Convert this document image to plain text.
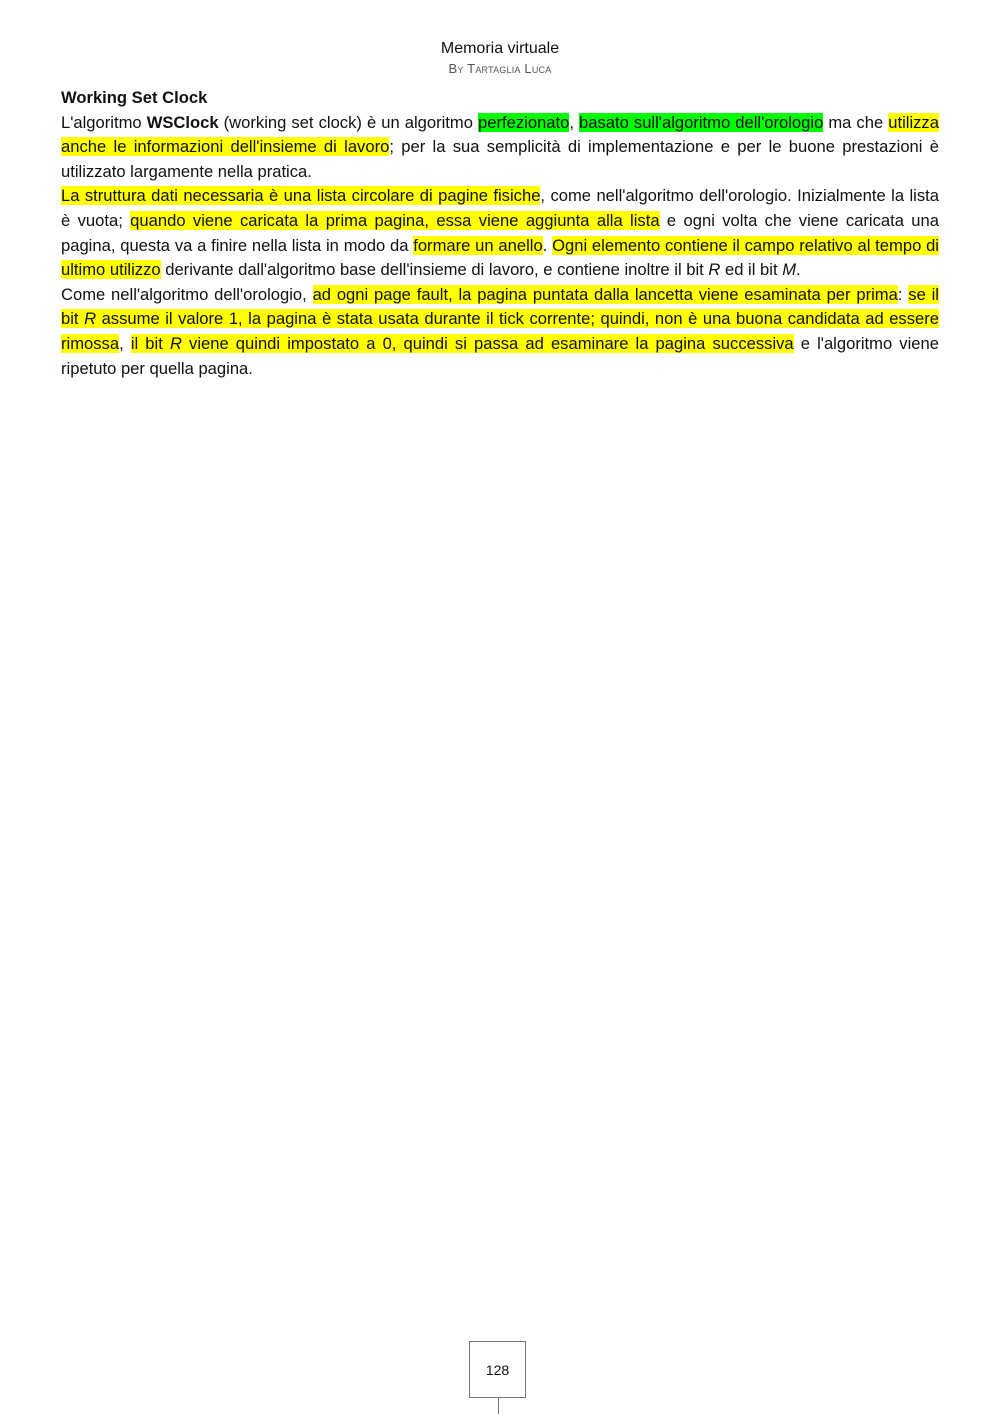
Memoria virtuale
By Tartaglia Luca

Working Set Clock

L'algoritmo WSClock (working set clock) è un algoritmo perfezionato, basato sull'algoritmo dell'orologio ma che utilizza anche le informazioni dell'insieme di lavoro; per la sua semplicità di implementazione e per le buone prestazioni è utilizzato largamente nella pratica.

La struttura dati necessaria è una lista circolare di pagine fisiche, come nell'algoritmo dell'orologio. Inizialmente la lista è vuota; quando viene caricata la prima pagina, essa viene aggiunta alla lista e ogni volta che viene caricata una pagina, questa va a finire nella lista in modo da formare un anello. Ogni elemento contiene il campo relativo al tempo di ultimo utilizzo derivante dall'algoritmo base dell'insieme di lavoro, e contiene inoltre il bit R ed il bit M.

Come nell'algoritmo dell'orologio, ad ogni page fault, la pagina puntata dalla lancetta viene esaminata per prima: se il bit R assume il valore 1, la pagina è stata usata durante il tick corrente; quindi, non è una buona candidata ad essere rimossa, il bit R viene quindi impostato a 0, quindi si passa ad esaminare la pagina successiva e l'algoritmo viene ripetuto per quella pagina.

128
